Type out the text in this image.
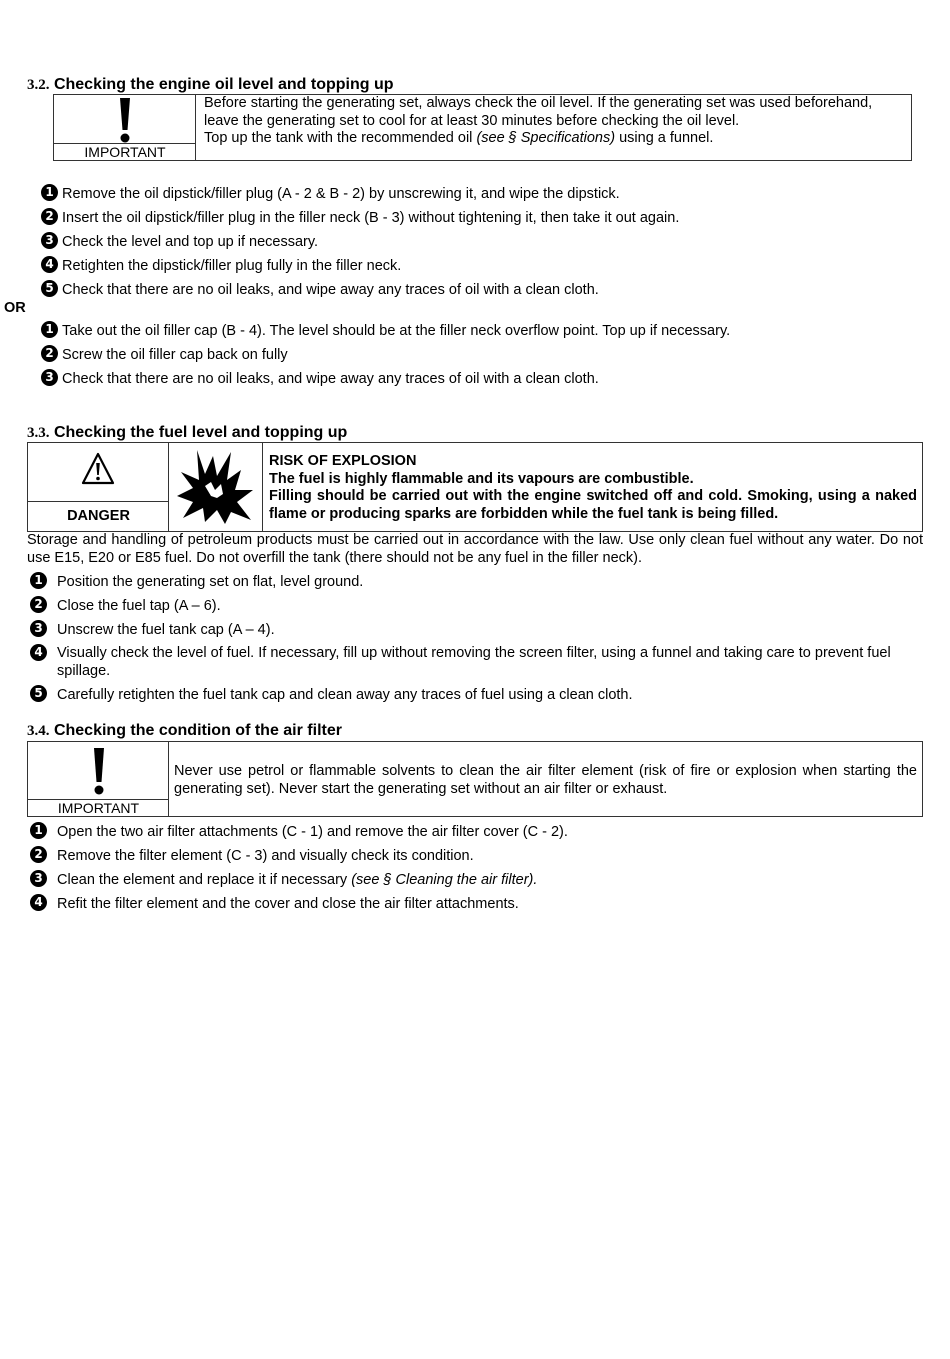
3.2. Checking the engine oil level and topping up
IMPORTANT
Before starting the generating set, always check the oil level. If the generating set was used beforehand, leave the generating set to cool for at least 30 minutes before checking the oil level.
Top up the tank with the recommended oil (see § Specifications) using a funnel.
1 Remove the oil dipstick/filler plug (A - 2 & B - 2) by unscrewing it, and wipe the dipstick.
2 Insert the oil dipstick/filler plug in the filler neck (B - 3) without tightening it, then take it out again.
3 Check the level and top up if necessary.
4 Retighten the dipstick/filler plug fully in the filler neck.
5 Check that there are no oil leaks, and wipe away any traces of oil with a clean cloth.
OR
1 Take out the oil filler cap (B - 4). The level should be at the filler neck overflow point. Top up if necessary.
2 Screw the oil filler cap back on fully
3 Check that there are no oil leaks, and wipe away any traces of oil with a clean cloth.
3.3. Checking the fuel level and topping up
DANGER
RISK OF EXPLOSION
The fuel is highly flammable and its vapours are combustible.
Filling should be carried out with the engine switched off and cold. Smoking, using a naked flame or producing sparks are forbidden while the fuel tank is being filled.
Storage and handling of petroleum products must be carried out in accordance with the law. Use only clean fuel without any water. Do not use E15, E20 or E85 fuel. Do not overfill the tank (there should not be any fuel in the filler neck).
1 Position the generating set on flat, level ground.
2 Close the fuel tap (A – 6).
3 Unscrew the fuel tank cap (A – 4).
4 Visually check the level of fuel. If necessary, fill up without removing the screen filter, using a funnel and taking care to prevent fuel spillage.
5 Carefully retighten the fuel tank cap and clean away any traces of fuel using a clean cloth.
3.4. Checking the condition of the air filter
IMPORTANT
Never use petrol or flammable solvents to clean the air filter element (risk of fire or explosion when starting the generating set). Never start the generating set without an air filter or exhaust.
1 Open the two air filter attachments (C - 1) and remove the air filter cover (C - 2).
2 Remove the filter element (C - 3) and visually check its condition.
3 Clean the element and replace it if necessary (see § Cleaning the air filter).
4 Refit the filter element and the cover and close the air filter attachments.
